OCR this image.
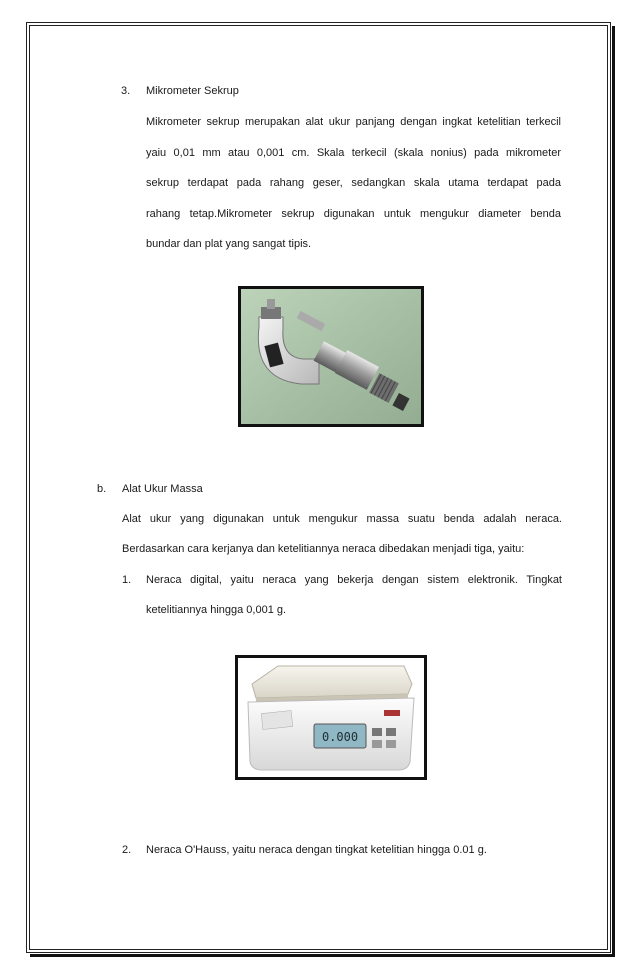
3. Mikrometer Sekrup
Mikrometer sekrup merupakan alat ukur panjang dengan ingkat ketelitian terkecil
yaiu 0,01 mm atau 0,001 cm. Skala terkecil (skala nonius) pada mikrometer
sekrup terdapat pada rahang geser, sedangkan skala utama terdapat pada
rahang tetap.Mikrometer sekrup digunakan untuk mengukur diameter benda
bundar dan plat yang sangat tipis.
b. Alat Ukur Massa
Alat ukur yang digunakan untuk mengukur massa suatu benda adalah neraca.
Berdasarkan cara kerjanya dan ketelitiannya neraca dibedakan menjadi tiga, yaitu:
1. Neraca digital, yaitu neraca yang bekerja dengan sistem elektronik. Tingkat
ketelitiannya hingga 0,001 g.
0.000
2. Neraca O'Hauss, yaitu neraca dengan tingkat ketelitian hingga 0.01 g.
